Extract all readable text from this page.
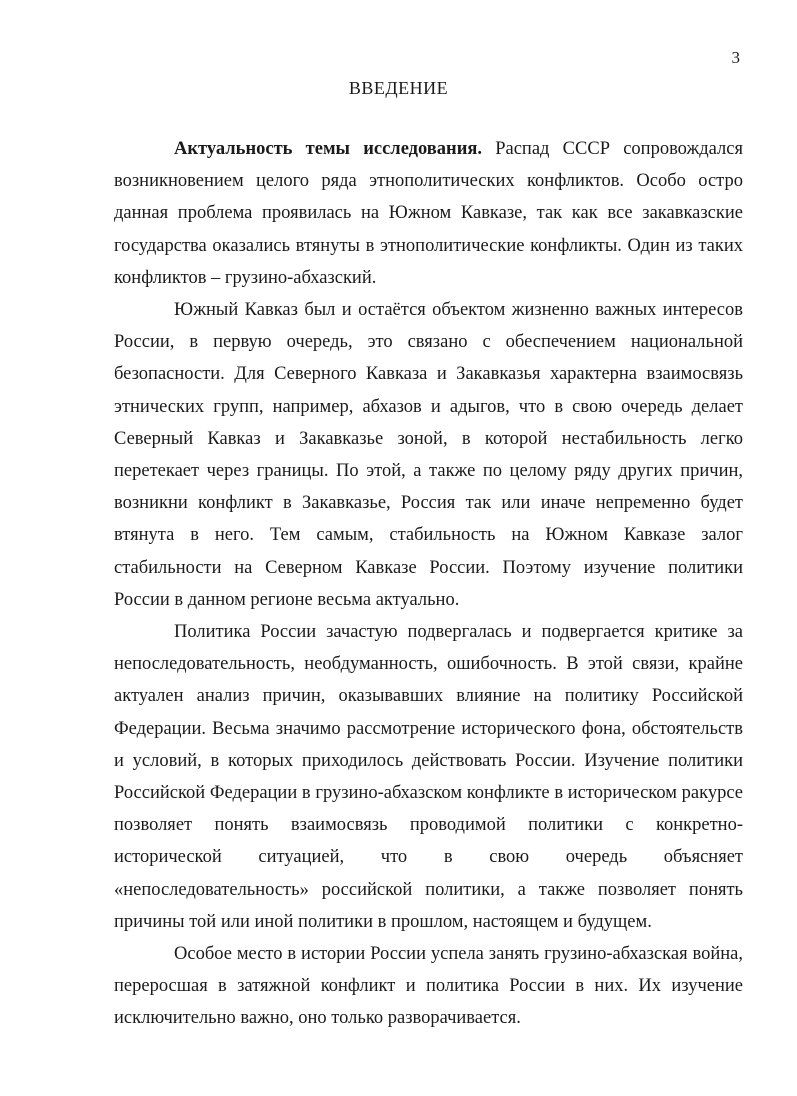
3
ВВЕДЕНИЕ

Актуальность темы исследования. Распад СССР сопровождался возникновением целого ряда этнополитических конфликтов. Особо остро данная проблема проявилась на Южном Кавказе, так как все закавказские государства оказались втянуты в этнополитические конфликты. Один из таких конфликтов – грузино-абхазский.

Южный Кавказ был и остаётся объектом жизненно важных интересов России, в первую очередь, это связано с обеспечением национальной безопасности. Для Северного Кавказа и Закавказья характерна взаимосвязь этнических групп, например, абхазов и адыгов, что в свою очередь делает Северный Кавказ и Закавказье зоной, в которой нестабильность легко перетекает через границы. По этой, а также по целому ряду других причин, возникни конфликт в Закавказье, Россия так или иначе непременно будет втянута в него. Тем самым, стабильность на Южном Кавказе залог стабильности на Северном Кавказе России. Поэтому изучение политики России в данном регионе весьма актуально.

Политика России зачастую подвергалась и подвергается критике за непоследовательность, необдуманность, ошибочность. В этой связи, крайне актуален анализ причин, оказывавших влияние на политику Российской Федерации. Весьма значимо рассмотрение исторического фона, обстоятельств и условий, в которых приходилось действовать России. Изучение политики Российской Федерации в грузино-абхазском конфликте в историческом ракурсе позволяет понять взаимосвязь проводимой политики с конкретно-исторической ситуацией, что в свою очередь объясняет «непоследовательность» российской политики, а также позволяет понять причины той или иной политики в прошлом, настоящем и будущем.

Особое место в истории России успела занять грузино-абхазская война, переросшая в затяжной конфликт и политика России в них. Их изучение исключительно важно, оно только разворачивается.
